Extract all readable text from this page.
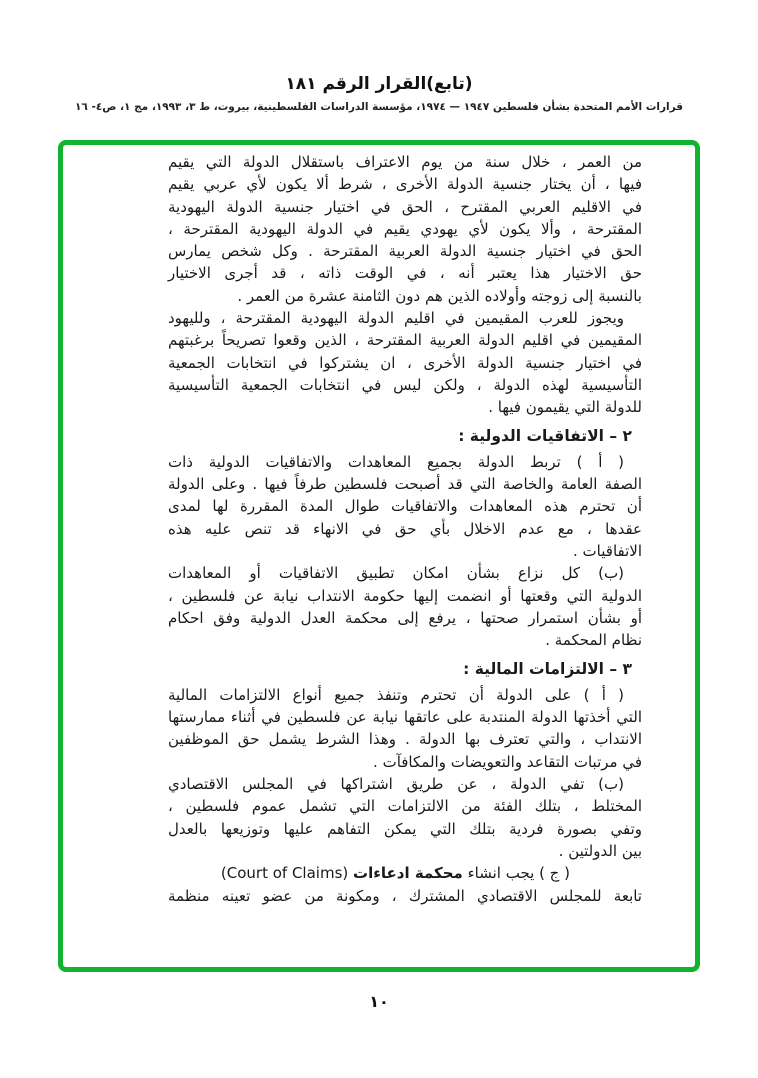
(تابع)القرار الرقم ١٨١
قرارات الأمم المتحدة بشأن فلسطين ١٩٤٧ — ١٩٧٤، مؤسسة الدراسات الفلسطينية، بيروت، ط ٣، ١٩٩٣، مج ١، ص٤- ١٦
من العمر ، خلال سنة من يوم الاعتراف باستقلال الدولة التي يقيم
فيها ، أن يختار جنسية الدولة الأخرى ، شرط ألا يكون لأي عربي يقيم
في الاقليم العربي المقترح ، الحق في اختيار جنسية الدولة اليهودية
المقترحة ، وألا يكون لأي يهودي يقيم في الدولة اليهودية المقترحة ،
الحق في اختيار جنسية الدولة العربية المقترحة . وكل شخص يمارس
حق الاختيار هذا يعتبر أنه ، في الوقت ذاته ، قد أجرى الاختيار
بالنسبة إلى زوجته وأولاده الذين هم دون الثامنة عشرة من العمر .
ويجوز للعرب المقيمين في اقليم الدولة اليهودية المقترحة ، ولليهود
المقيمين في اقليم الدولة العربية المقترحة ، الذين وقعوا تصريحاً برغبتهم
في اختيار جنسية الدولة الأخرى ، ان يشتركوا في انتخابات الجمعية
التأسيسية لهذه الدولة ، ولكن ليس في انتخابات الجمعية التأسيسية
للدولة التي يقيمون فيها .
٢ – الاتفاقيات الدولية :
( أ ) تربط الدولة بجميع المعاهدات والاتفاقيات الدولية ذات
الصفة العامة والخاصة التي قد أصبحت فلسطين طرفاً فيها . وعلى الدولة
أن تحترم هذه المعاهدات والاتفاقيات طوال المدة المقررة لها لمدى
عقدها ، مع عدم الاخلال بأي حق في الانهاء قد تنص عليه هذه
الاتفاقيات .
(ب) كل نزاع بشأن امكان تطبيق الاتفاقيات أو المعاهدات
الدولية التي وقعتها أو انضمت إليها حكومة الانتداب نيابة عن فلسطين ،
أو بشأن استمرار صحتها ، يرفع إلى محكمة العدل الدولية وفق احكام
نظام المحكمة .
٣ – الالتزامات المالية :
( أ ) على الدولة أن تحترم وتنفذ جميع أنواع الالتزامات المالية
التي أخذتها الدولة المنتدبة على عاتقها نيابة عن فلسطين في أثناء ممارستها
الانتداب ، والتي تعترف بها الدولة . وهذا الشرط يشمل حق الموظفين
في مرتبات التقاعد والتعويضات والمكافآت .
(ب) تفي الدولة ، عن طريق اشتراكها في المجلس الاقتصادي
المختلط ، بتلك الفئة من الالتزامات التي تشمل عموم فلسطين ،
وتفي بصورة فردية بتلك التي يمكن التفاهم عليها وتوزيعها بالعدل
بين الدولتين .
( ج ) يجب انشاء محكمة ادعاءات (Court of Claims)
تابعة للمجلس الاقتصادي المشترك ، ومكونة من عضو تعينه منظمة
١٠
